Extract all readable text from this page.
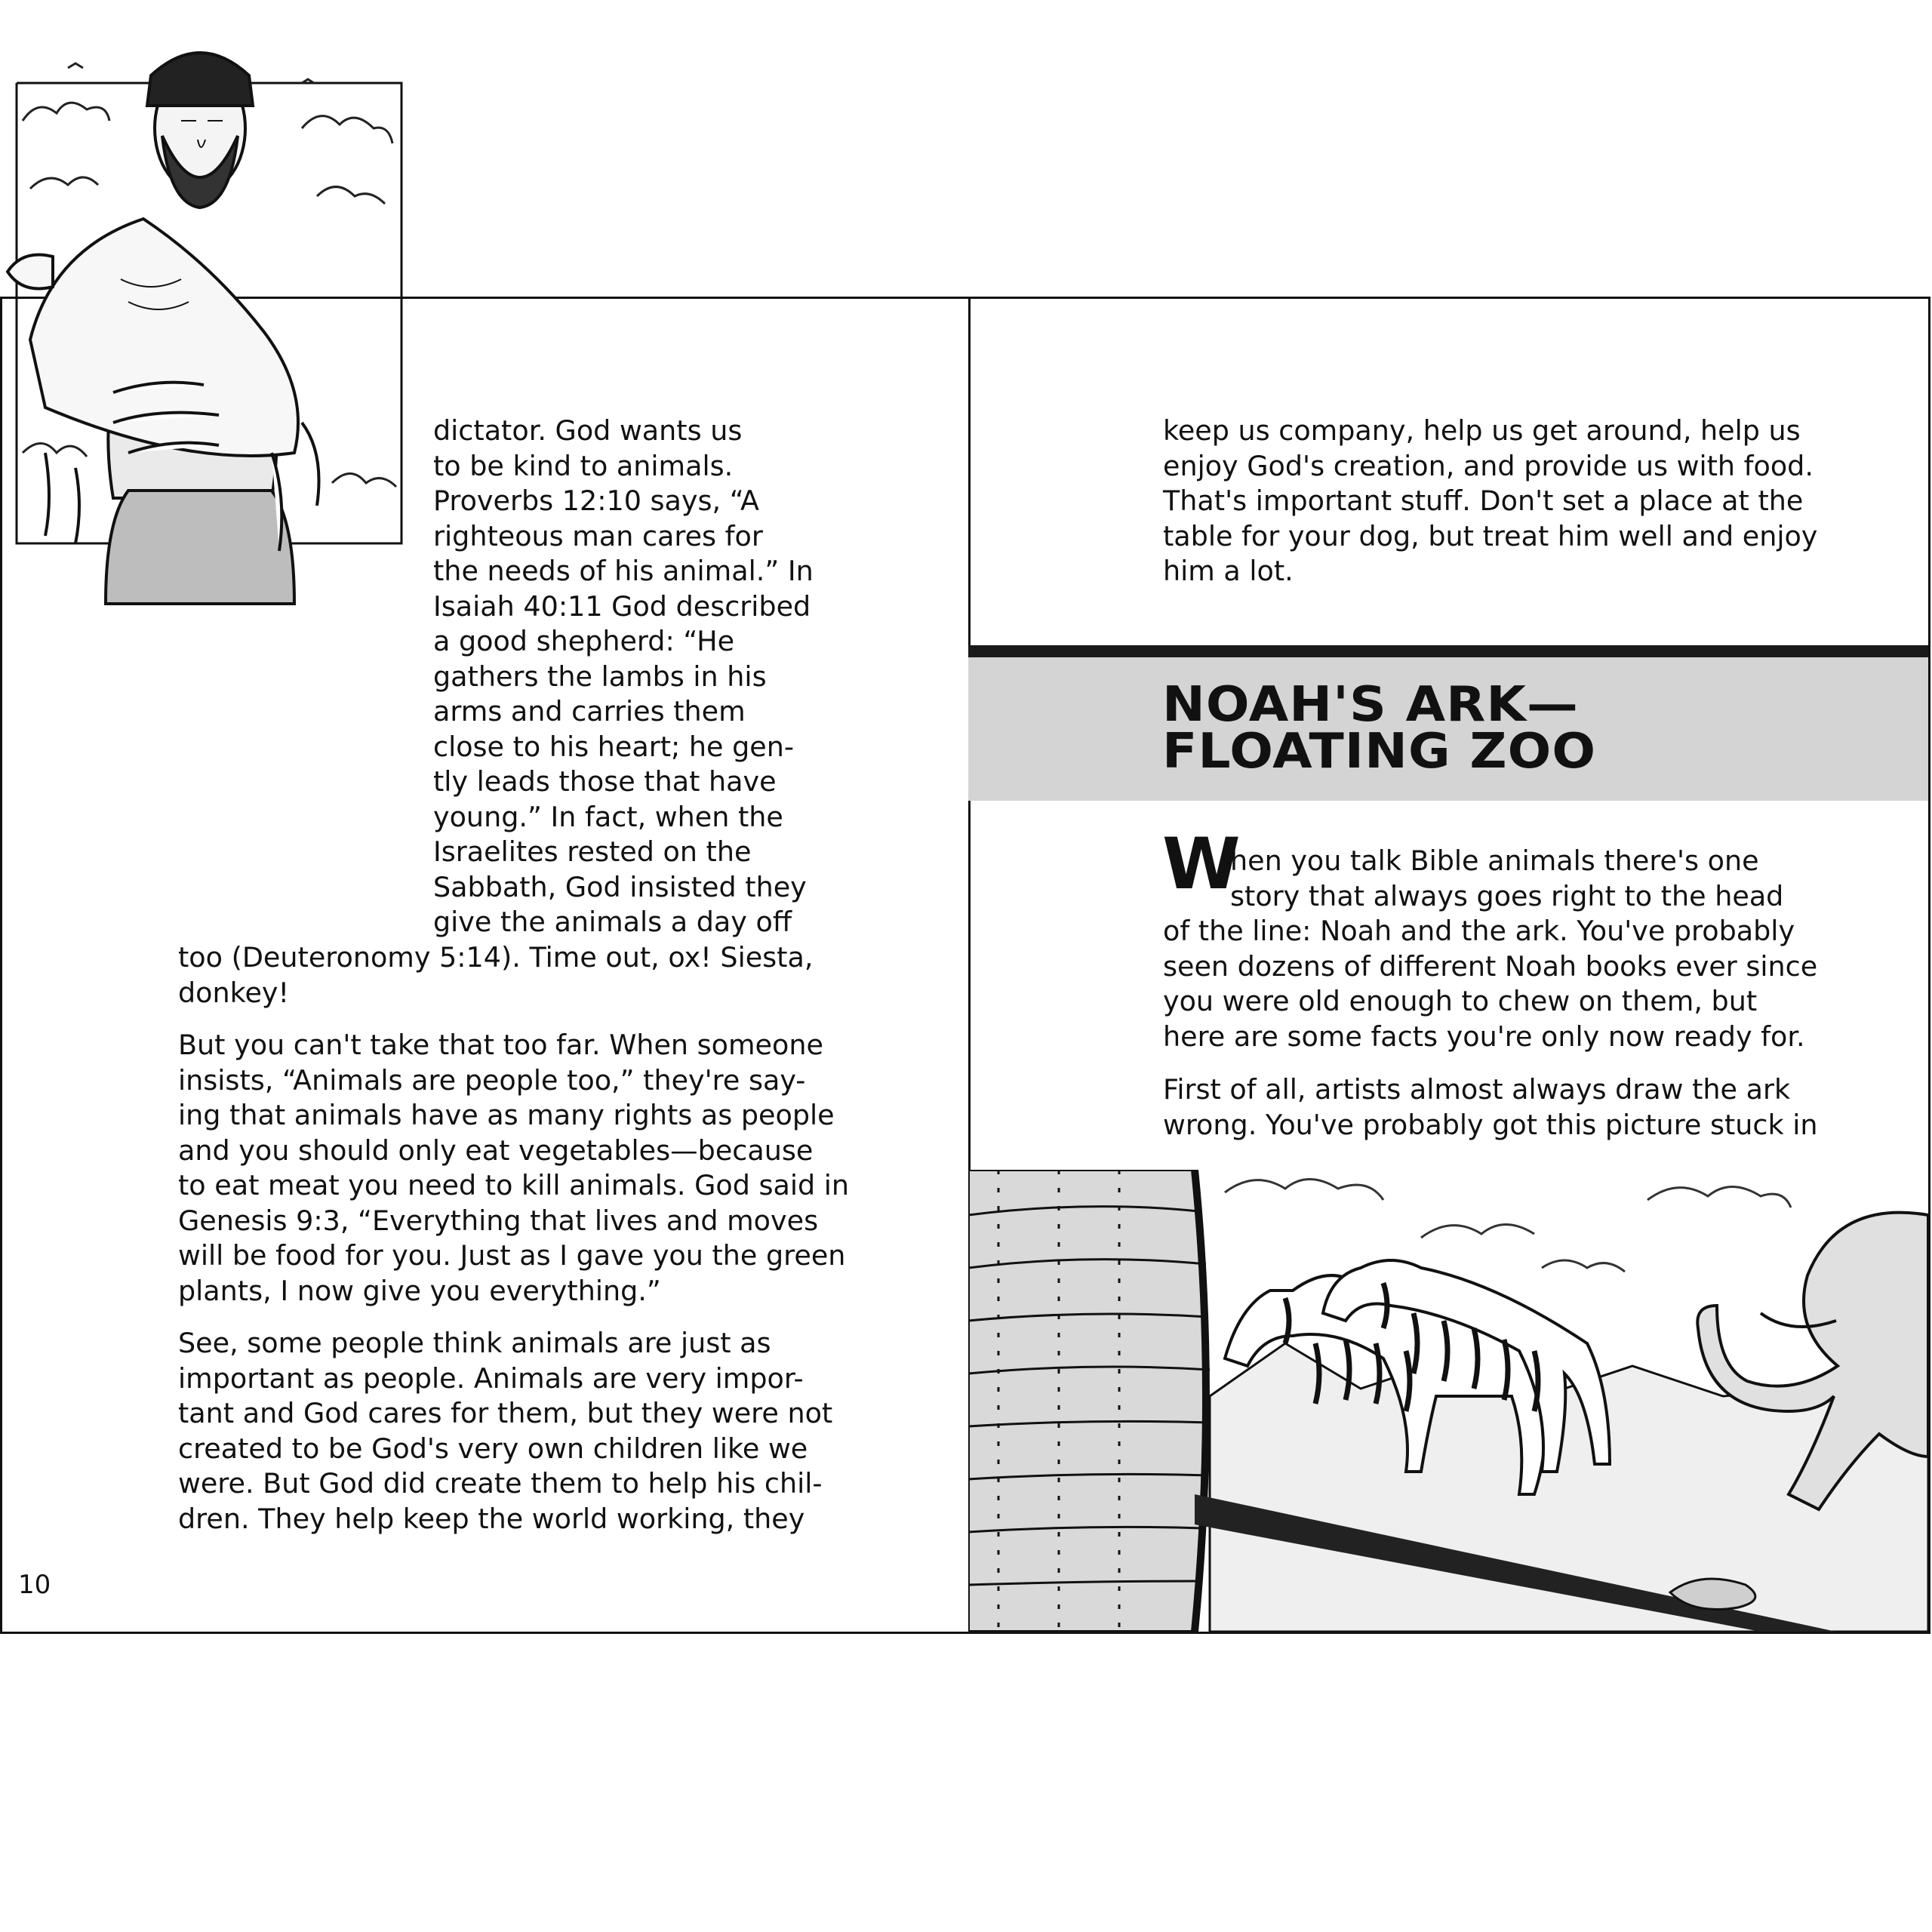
dictator. God wants us
to be kind to animals.
Proverbs 12:10 says, “A
righteous man cares for
the needs of his animal.” In
Isaiah 40:11 God described
a good shepherd: “He
gathers the lambs in his
arms and carries them
close to his heart; he gen-
tly leads those that have
young.” In fact, when the
Israelites rested on the
Sabbath, God insisted they
give the animals a day off
too (Deuteronomy 5:14). Time out, ox! Siesta,
donkey!
But you can't take that too far. When someone
insists, “Animals are people too,” they're say-
ing that animals have as many rights as people
and you should only eat vegetables—because
to eat meat you need to kill animals. God said in
Genesis 9:3, “Everything that lives and moves
will be food for you. Just as I gave you the green
plants, I now give you everything.”
See, some people think animals are just as
important as people. Animals are very impor-
tant and God cares for them, but they were not
created to be God's very own children like we
were. But God did create them to help his chil-
dren. They help keep the world working, they
10
keep us company, help us get around, help us
enjoy God's creation, and provide us with food.
That's important stuff. Don't set a place at the
table for your dog, but treat him well and enjoy
him a lot.
NOAH'S ARK—
FLOATING ZOO
W
hen you talk Bible animals there's one
story that always goes right to the head
of the line: Noah and the ark. You've probably
seen dozens of different Noah books ever since
you were old enough to chew on them, but
here are some facts you're only now ready for.
First of all, artists almost always draw the ark
wrong. You've probably got this picture stuck in
